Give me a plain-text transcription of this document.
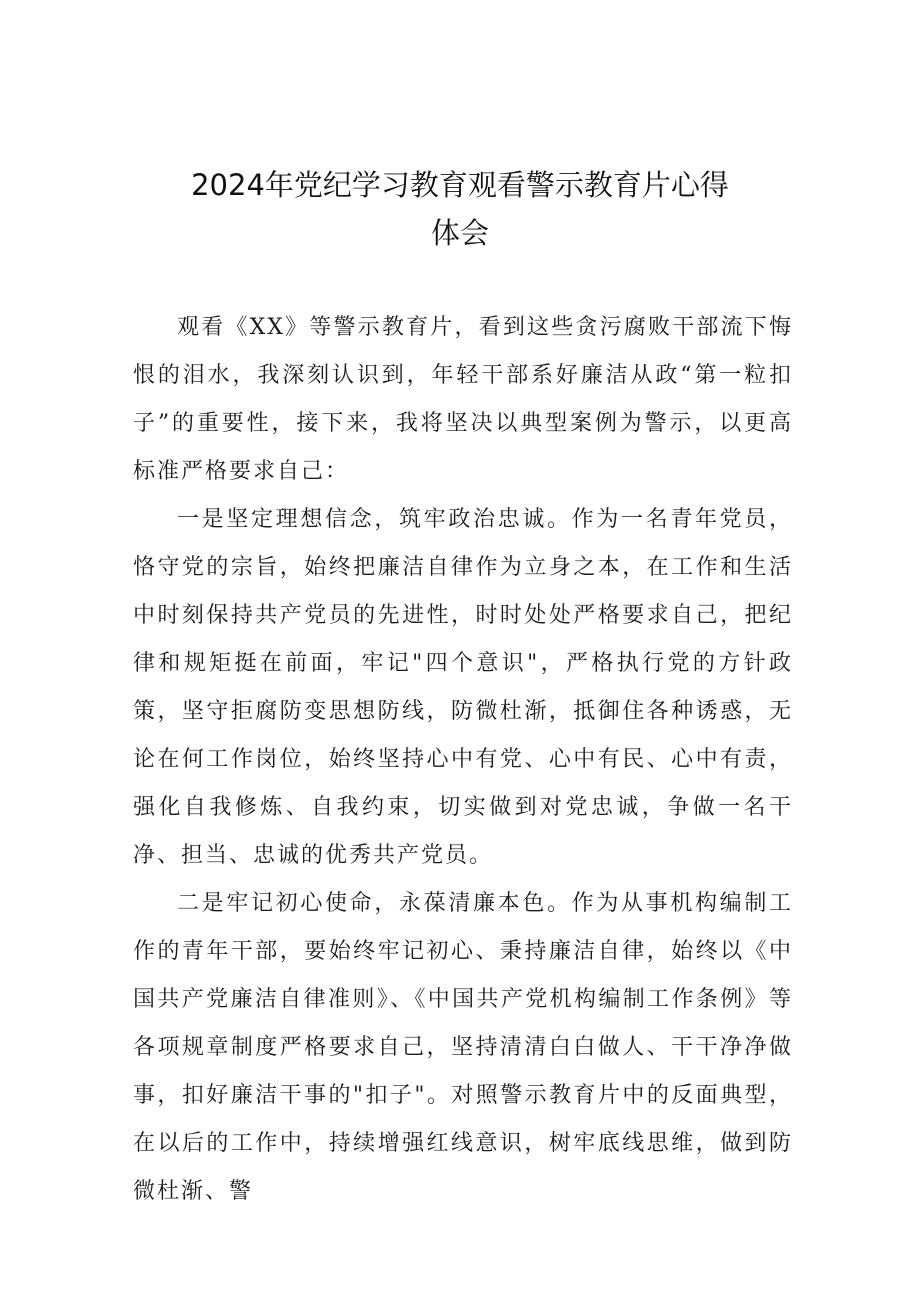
2024年党纪学习教育观看警示教育片心得
体会

观看《XX》等警示教育片，看到这些贪污腐败干部流下悔恨的泪水，我深刻认识到，年轻干部系好廉洁从政“第一粒扣子”的重要性，接下来，我将坚决以典型案例为警示，以更高标准严格要求自己：

一是坚定理想信念，筑牢政治忠诚。作为一名青年党员，恪守党的宗旨，始终把廉洁自律作为立身之本，在工作和生活中时刻保持共产党员的先进性，时时处处严格要求自己，把纪律和规矩挺在前面，牢记"四个意识"，严格执行党的方针政策，坚守拒腐防变思想防线，防微杜渐，抵御住各种诱惑，无论在何工作岗位，始终坚持心中有党、心中有民、心中有责，强化自我修炼、自我约束，切实做到对党忠诚，争做一名干净、担当、忠诚的优秀共产党员。

二是牢记初心使命，永葆清廉本色。作为从事机构编制工作的青年干部，要始终牢记初心、秉持廉洁自律，始终以《中国共产党廉洁自律准则》、《中国共产党机构编制工作条例》等各项规章制度严格要求自己，坚持清清白白做人、干干净净做事，扣好廉洁干事的"扣子"。对照警示教育片中的反面典型，在以后的工作中，持续增强红线意识，树牢底线思维，做到防微杜渐、警
